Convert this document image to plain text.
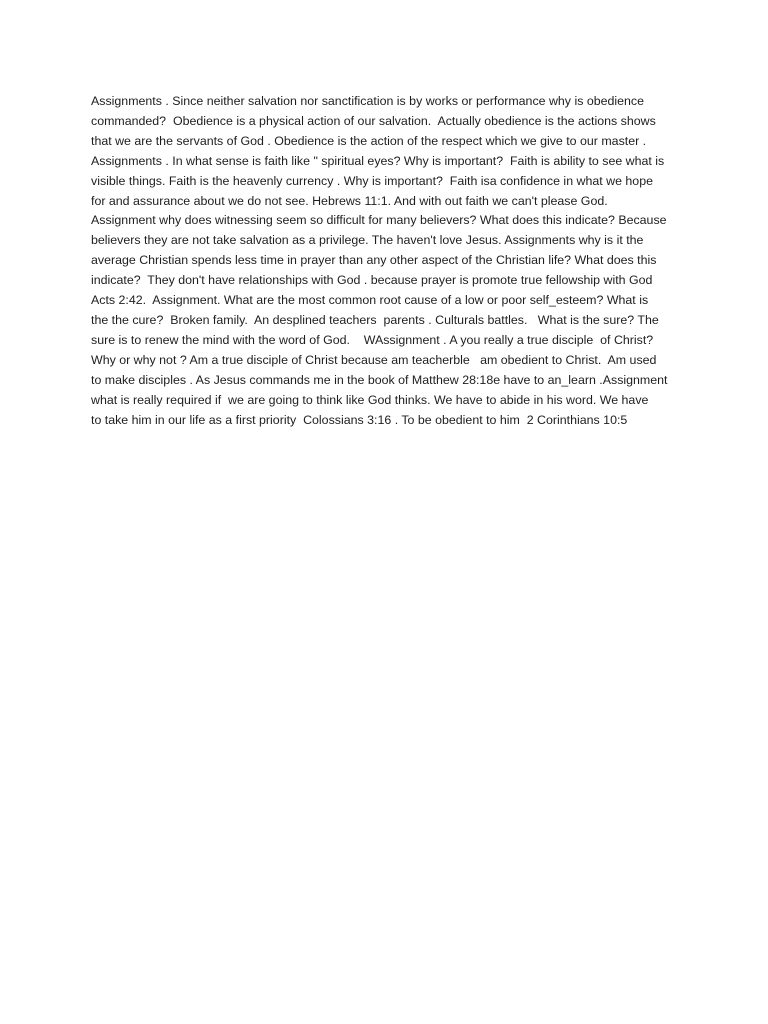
Assignments . Since neither salvation nor sanctification is by works or performance why is obedience
commanded?  Obedience is a physical action of our salvation.  Actually obedience is the actions shows
that we are the servants of God . Obedience is the action of the respect which we give to our master .
Assignments . In what sense is faith like " spiritual eyes? Why is important?  Faith is ability to see what is
visible things. Faith is the heavenly currency . Why is important?  Faith isa confidence in what we hope
for and assurance about we do not see. Hebrews 11:1. And with out faith we can't please God.
Assignment why does witnessing seem so difficult for many believers? What does this indicate? Because
believers they are not take salvation as a privilege. The haven't love Jesus. Assignments why is it the
average Christian spends less time in prayer than any other aspect of the Christian life? What does this
indicate?  They don't have relationships with God . because prayer is promote true fellowship with God
Acts 2:42.  Assignment. What are the most common root cause of a low or poor self_esteem? What is
the the cure?  Broken family.  An desplined teachers  parents . Culturals battles.   What is the sure? The
sure is to renew the mind with the word of God.    WAssignment . A you really a true disciple  of Christ?
Why or why not ? Am a true disciple of Christ because am teacherble   am obedient to Christ.  Am used
to make disciples . As Jesus commands me in the book of Matthew 28:18e have to an_learn .Assignment
what is really required if  we are going to think like God thinks. We have to abide in his word. We have
to take him in our life as a first priority  Colossians 3:16 . To be obedient to him  2 Corinthians 10:5
